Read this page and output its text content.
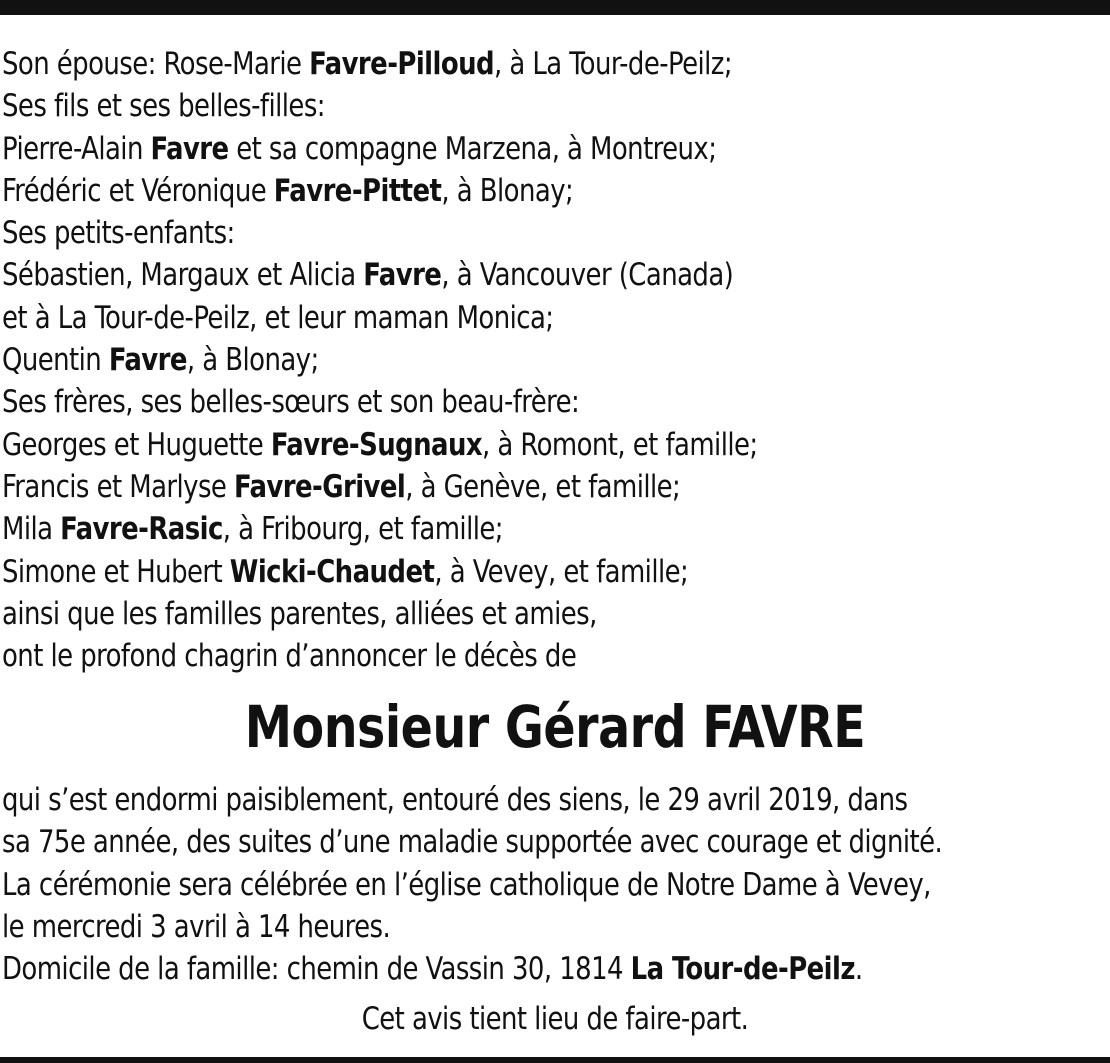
Son épouse: Rose-Marie Favre-Pilloud, à La Tour-de-Peilz;
Ses fils et ses belles-filles:
Pierre-Alain Favre et sa compagne Marzena, à Montreux;
Frédéric et Véronique Favre-Pittet, à Blonay;
Ses petits-enfants:
Sébastien, Margaux et Alicia Favre, à Vancouver (Canada)
et à La Tour-de-Peilz, et leur maman Monica;
Quentin Favre, à Blonay;
Ses frères, ses belles-sœurs et son beau-frère:
Georges et Huguette Favre-Sugnaux, à Romont, et famille;
Francis et Marlyse Favre-Grivel, à Genève, et famille;
Mila Favre-Rasic, à Fribourg, et famille;
Simone et Hubert Wicki-Chaudet, à Vevey, et famille;
ainsi que les familles parentes, alliées et amies,
ont le profond chagrin d’annoncer le décès de
Monsieur Gérard FAVRE
qui s’est endormi paisiblement, entouré des siens, le 29 avril 2019, dans
sa 75e année, des suites d’une maladie supportée avec courage et dignité.
La cérémonie sera célébrée en l’église catholique de Notre Dame à Vevey,
le mercredi 3 avril à 14 heures.
Domicile de la famille: chemin de Vassin 30, 1814 La Tour-de-Peilz.
Cet avis tient lieu de faire-part.
